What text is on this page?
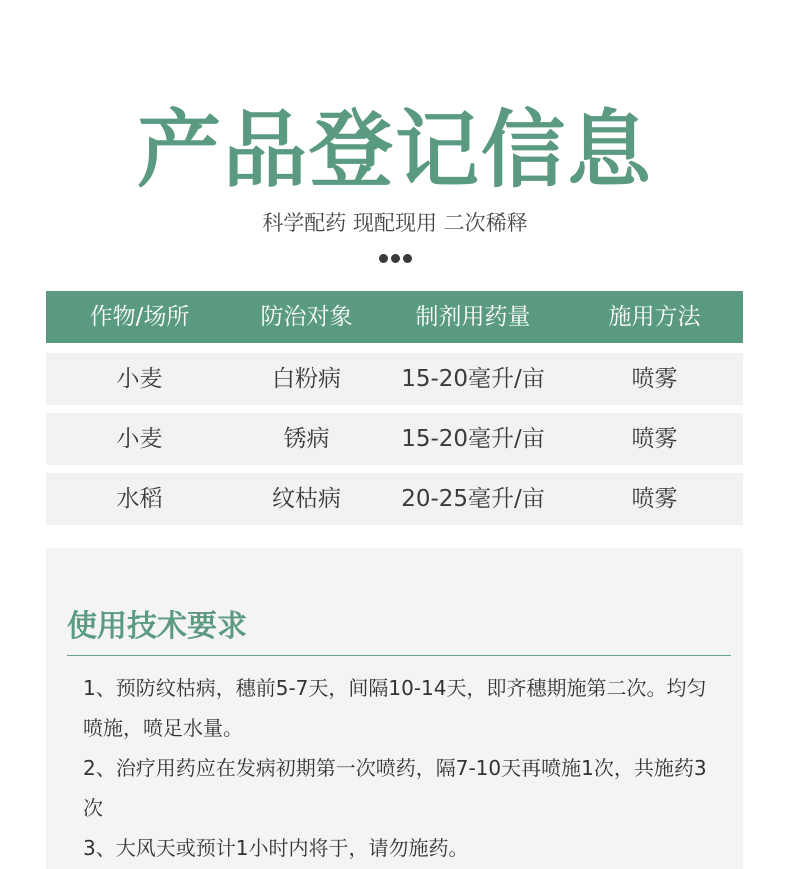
产品登记信息
科学配药 现配现用 二次稀释
作物/场所	防治对象	制剂用药量	施用方法
小麦	白粉病	15-20毫升/亩	喷雾
小麦	锈病	15-20毫升/亩	喷雾
水稻	纹枯病	20-25毫升/亩	喷雾
使用技术要求

1、预防纹枯病，穗前5-7天，间隔10-14天，即齐穗期施第二次。均匀喷施，喷足水量。

2、治疗用药应在发病初期第一次喷药，隔7-10天再喷施1次，共施药3次

3、大风天或预计1小时内将于，请勿施药。
